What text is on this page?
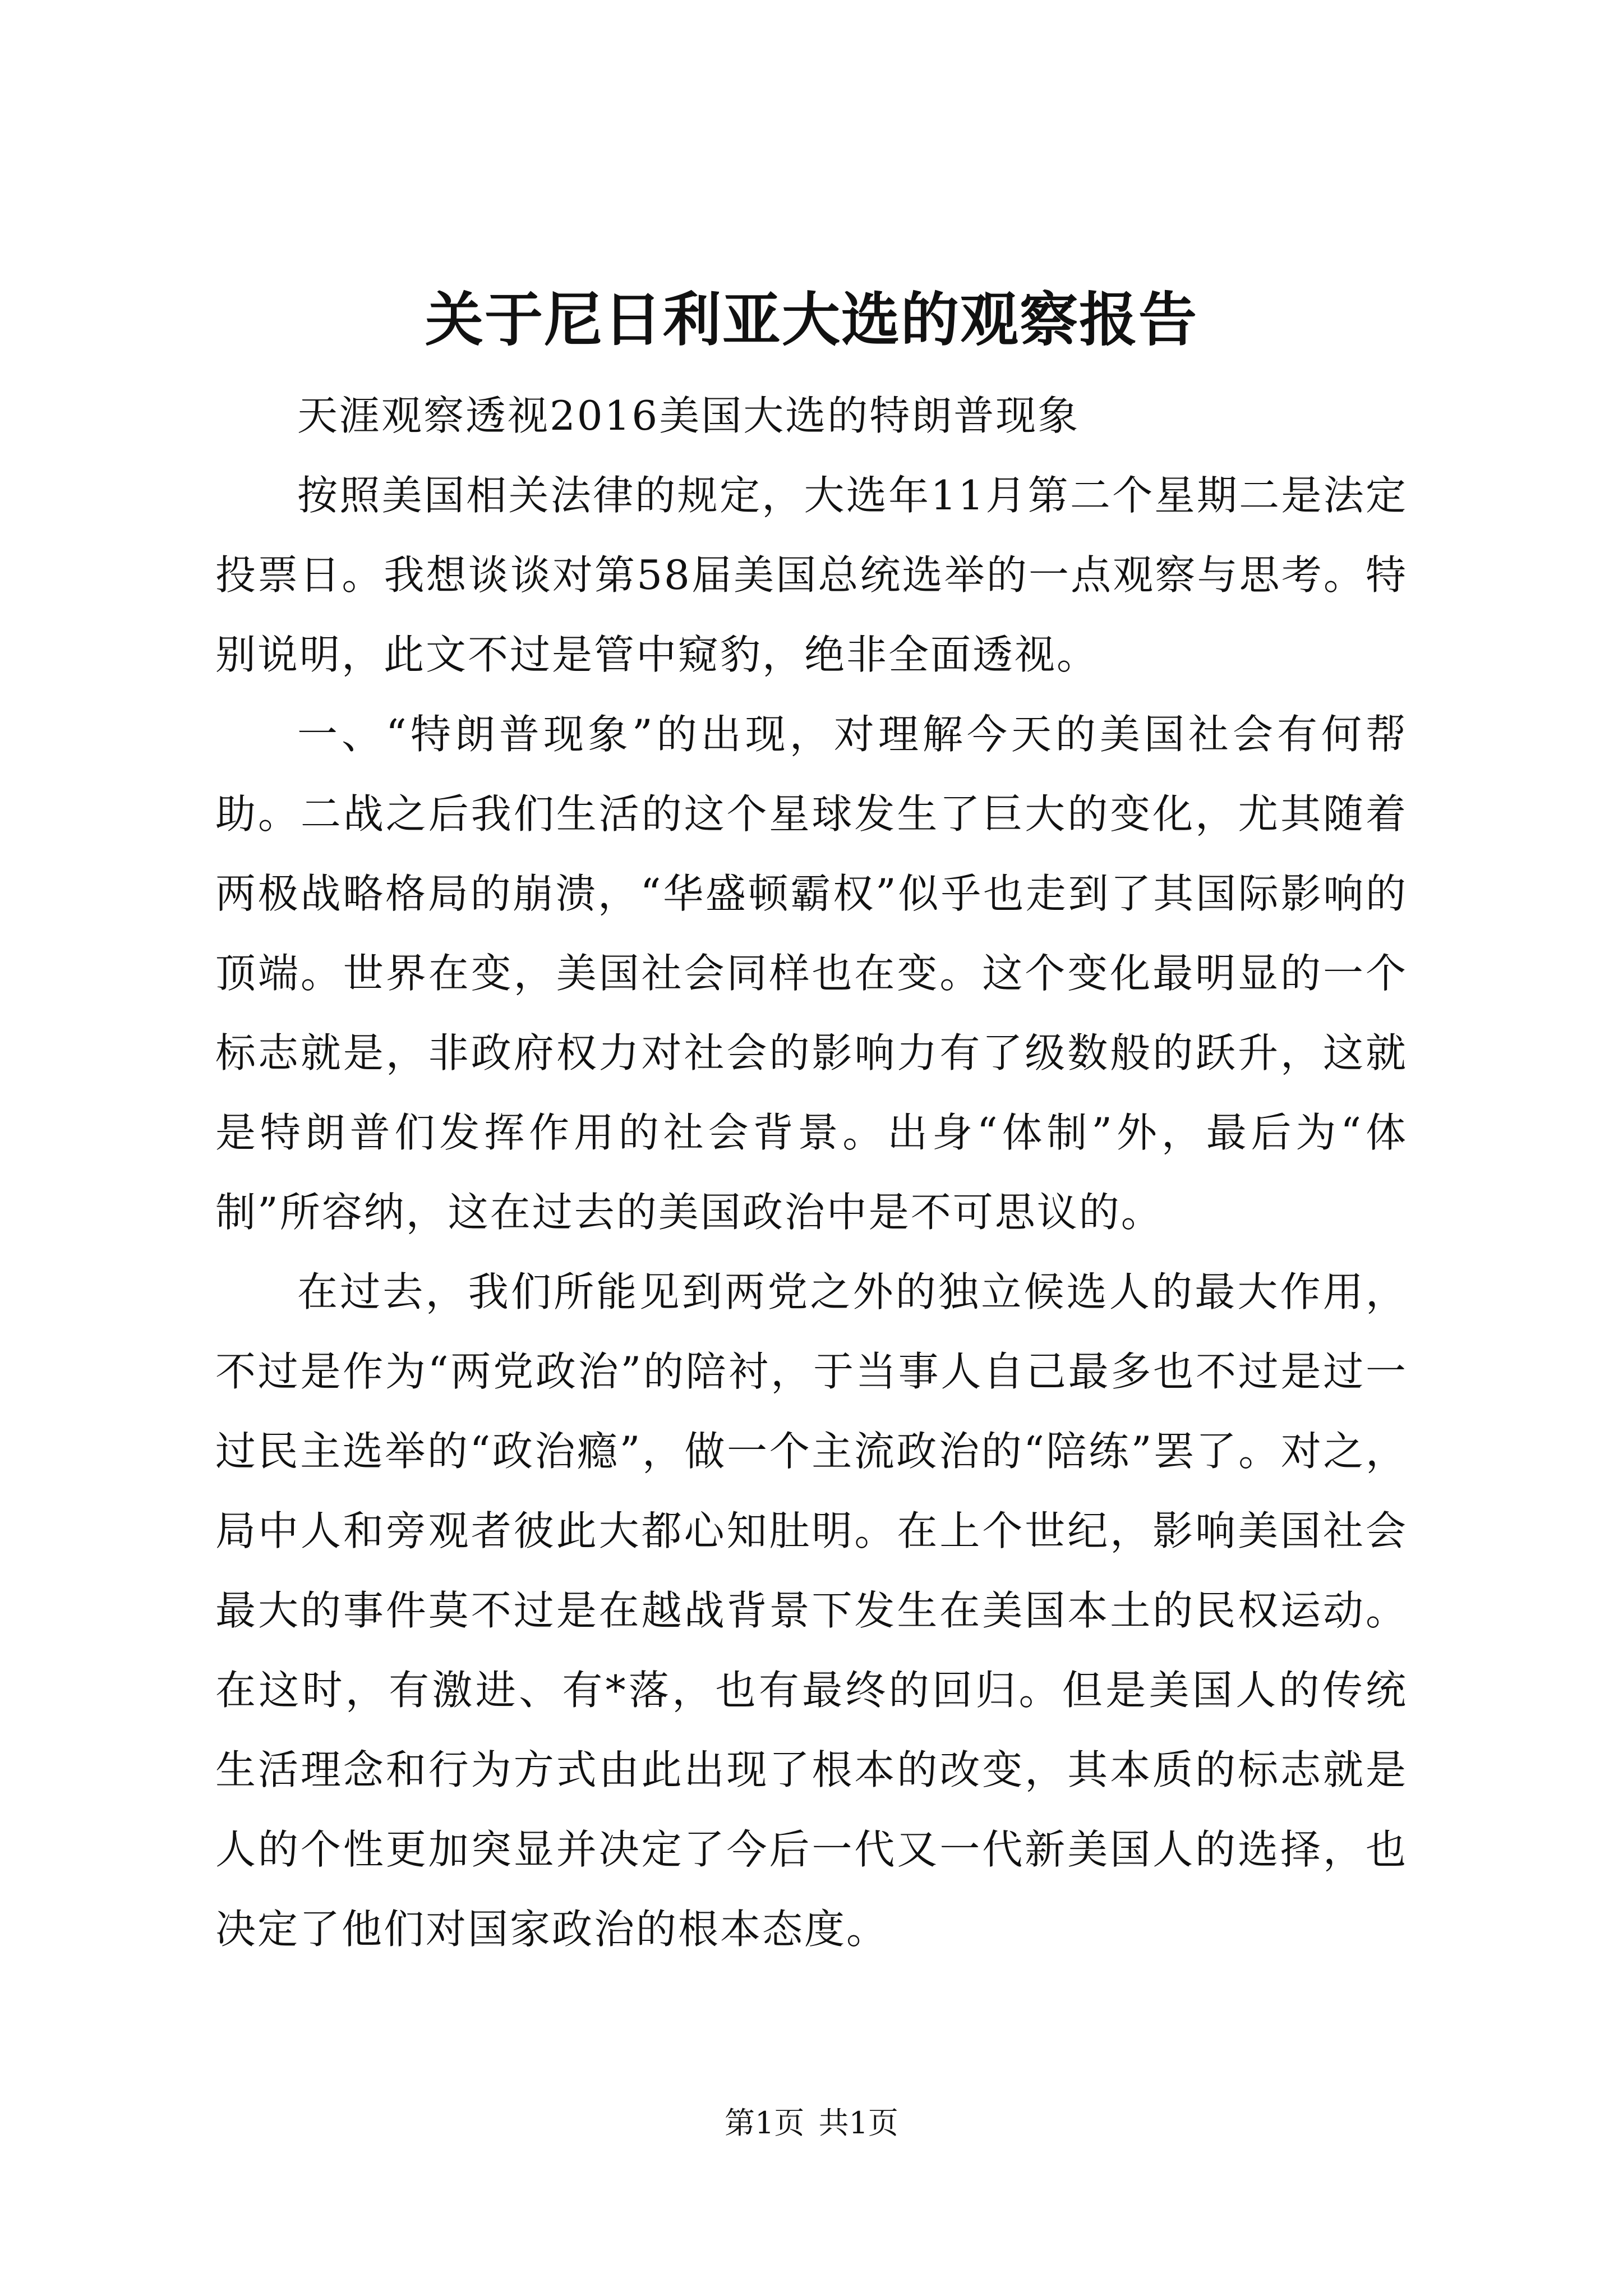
关于尼日利亚大选的观察报告

天涯观察透视2016美国大选的特朗普现象

按照美国相关法律的规定，大选年11月第二个星期二是法定投票日。我想谈谈对第58届美国总统选举的一点观察与思考。特别说明，此文不过是管中窥豹，绝非全面透视。

一、“特朗普现象”的出现，对理解今天的美国社会有何帮助。二战之后我们生活的这个星球发生了巨大的变化，尤其随着两极战略格局的崩溃，“华盛顿霸权”似乎也走到了其国际影响的顶端。世界在变，美国社会同样也在变。这个变化最明显的一个标志就是，非政府权力对社会的影响力有了级数般的跃升，这就是特朗普们发挥作用的社会背景。出身“体制”外，最后为“体制”所容纳，这在过去的美国政治中是不可思议的。

在过去，我们所能见到两党之外的独立候选人的最大作用，不过是作为“两党政治”的陪衬，于当事人自己最多也不过是过一过民主选举的“政治瘾”，做一个主流政治的“陪练”罢了。对之，局中人和旁观者彼此大都心知肚明。在上个世纪，影响美国社会最大的事件莫不过是在越战背景下发生在美国本土的民权运动。在这时，有激进、有*落，也有最终的回归。但是美国人的传统生活理念和行为方式由此出现了根本的改变，其本质的标志就是人的个性更加突显并决定了今后一代又一代新美国人的选择，也决定了他们对国家政治的根本态度。

第1页 共1页
